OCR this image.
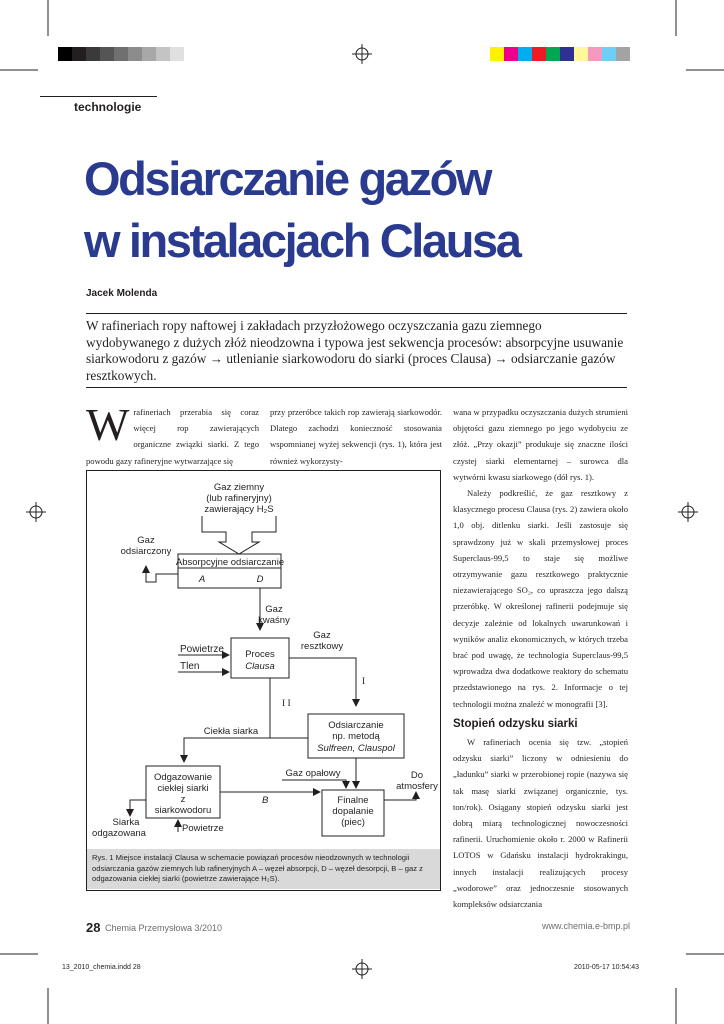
technologie
Odsiarczanie gazów
w instalacjach Clausa
Jacek Molenda
W rafineriach ropy naftowej i zakładach przyzłożowego oczyszczania gazu ziemnego wydobywanego z dużych złóż nieodzowna i typowa jest sekwencja procesów: absorpcyjne usuwanie siarkowodoru z gazów → utlenianie siarkowodoru do siarki (proces Clausa) → odsiarczanie gazów resztkowych.
W rafineriach przerabia się coraz więcej rop zawierających organiczne związki siarki. Z tego powodu gazy rafineryjne wytwarzające się

przy przeróbce takich rop zawierają siarkowodór. Dlatego zachodzi konieczność stosowania wspomnianej wyżej sekwencji (rys. 1), która jest również wykorzysty-

wana w przypadku oczyszczania dużych strumieni objętości gazu ziemnego po jego wydobyciu ze złóż. „Przy okazji” produkuje się znaczne ilości czystej siarki elementarnej – surowca dla wytwórni kwasu siarkowego (dół rys. 1).

Należy podkreślić, że gaz resztkowy z klasycznego procesu Clausa (rys. 2) zawiera około 1,0 obj. ditlenku siarki. Jeśli zastosuje się sprawdzony już w skali przemysłowej proces Superclaus-99,5 to staje się możliwe otrzymywanie gazu resztkowego praktycznie niezawierającego SO₂, co upraszcza jego dalszą przeróbkę. W określonej rafinerii podejmuje się decyzje zależnie od lokalnych uwarunkowań i wyników analiz ekonomicznych, w których trzeba brać pod uwagę, że technologia Superclaus-99,5 wprowadza dwa dodatkowe reaktory do schematu przedstawionego na rys. 2. Informacje o tej technologii można znaleźć w monografii [3].

Stopień odzysku siarki

W rafineriach ocenia się tzw. „stopień odzysku siarki” liczony w odniesieniu do „ładunku” siarki w przerobionej ropie (nazywa się tak masę siarki związanej organicznie, tys. ton/rok). Osiągany stopień odzysku siarki jest dobrą miarą technologicznej nowoczesności rafinerii. Uruchomienie około r. 2000 w Rafinerii LOTOS w Gdańsku instalacji hydrokrakingu, innych instalacji realizujących procesy „wodorowe” oraz jednoczesnie stosowanych kompleksów odsiarczania

Gaz ziemny
(lub rafineryjny)
zawierający H₂S
Absorpcyjne odsiarczanie
A	D
Gaz
odsiarczony
Gaz
kwaśny
Proces
Clausa
Powietrze
Tlen
Gaz
resztkowy
I
I I
Ciekła siarka
Odsiarczanie
np. metodą
Sulfreen, Clauspol
Odgazowanie
ciekłej siarki
z
siarkowodoru
Gaz opałowy	Do
atmosfery
Finalne
dopalanie
(piec)
B
Siarka
odgazowana	Powietrze
Rys. 1 Miejsce instalacji Clausa w schemacie powiązań procesów nieodzownych w technologii odsiarczania gazów ziemnych lub rafineryjnych A – węzeł absorpcji, D – węzeł desorpcji, B – gaz z odgazowania ciekłej siarki (powietrze zawierające H₂S).
28 Chemia Przemysłowa 3/2010	www.chemia.e-bmp.pl
13_2010_chemia.indd 28	2010-05-17 10:54:43
